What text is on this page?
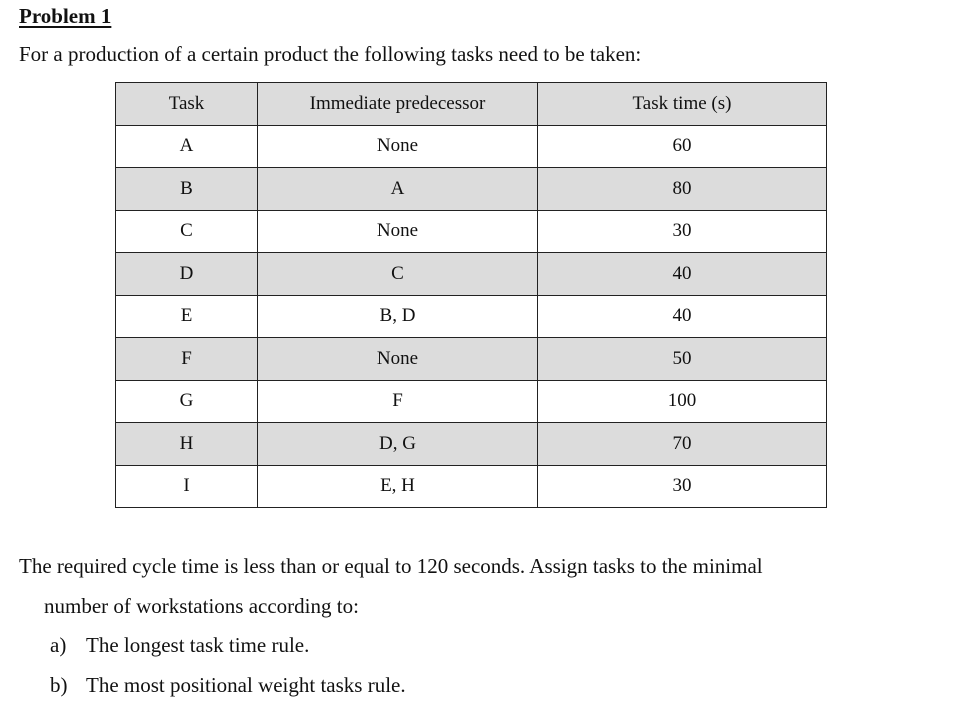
Problem 1

For a production of a certain product the following tasks need to be taken:

Task	Immediate predecessor	Task time (s)
A	None	60
B	A	80
C	None	30
D	C	40
E	B, D	40
F	None	50
G	F	100
H	D, G	70
I	E, H	30

The required cycle time is less than or equal to 120 seconds. Assign tasks to the minimal

number of workstations according to:

a) The longest task time rule.

b) The most positional weight tasks rule.
